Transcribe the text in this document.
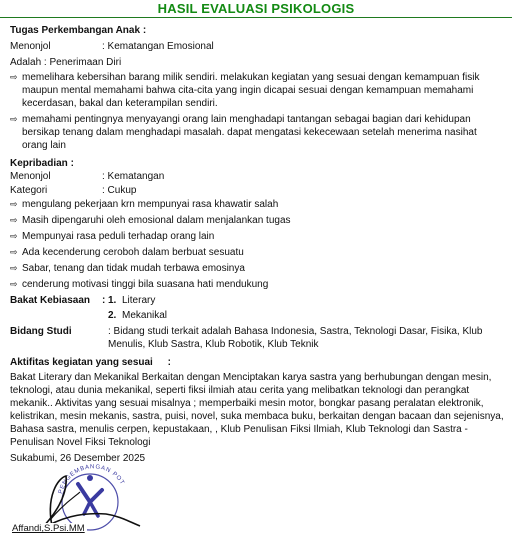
HASIL EVALUASI PSIKOLOGIS
Tugas Perkembangan Anak :
Menonjol	: Kematangan Emosional
Adalah : Penerimaan Diri
⇨ memelihara kebersihan barang milik sendiri. melakukan kegiatan yang sesuai dengan kemampuan fisik maupun mental memahami bahwa cita-cita yang ingin dicapai sesuai dengan kemampuan memahami kecerdasan, bakal dan keterampilan sendiri.
⇨ memahami pentingnya menyayangi orang lain menghadapi tantangan sebagai bagian dari kehidupan bersikap tenang dalam menghadapi masalah. dapat mengatasi kekecewaan setelah menerima nasihat orang lain
Kepribadian :
Menonjol	: Kematangan
Kategori	: Cukup
⇨ mengulang pekerjaan krn mempunyai rasa khawatir salah
⇨ Masih dipengaruhi oleh emosional dalam menjalankan tugas
⇨ Mempunyai rasa peduli terhadap orang lain
⇨ Ada kecenderung ceroboh dalam berbuat sesuatu
⇨ Sabar, tenang dan tidak mudah terbawa emosinya
⇨ cenderung motivasi tinggi bila suasana hati mendukung
Bakat Kebiasaan	: 1. Literary
2. Mekanikal
Bidang Studi	: Bidang studi terkait adalah Bahasa Indonesia, Sastra, Teknologi Dasar, Fisika, Klub Menulis, Klub Sastra, Klub Robotik, Klub Teknik
Aktifitas kegiatan yang sesuai :
Bakat Literary dan Mekanikal Berkaitan dengan Menciptakan karya sastra yang berhubungan dengan mesin, teknologi, atau dunia mekanikal, seperti fiksi ilmiah atau cerita yang melibatkan teknologi dan perangkat mekanik.. Aktivitas yang sesuai misalnya ; memperbaiki mesin motor, bongkar pasang peralatan elektronik, kelistrikan, mesin mekanis, sastra, puisi, novel, suka membaca buku, berkaitan dengan bacaan dan sejenisnya, Bahasa sastra, menulis cerpen, kepustakaan, , Klub Penulisan Fiksi Ilmiah, Klub Teknologi dan Sastra - Penulisan Novel Fiksi Teknologi
Sukabumi, 26 Desember 2025
PENGEMBANGAN POT
Affandi,S.Psi.MM
